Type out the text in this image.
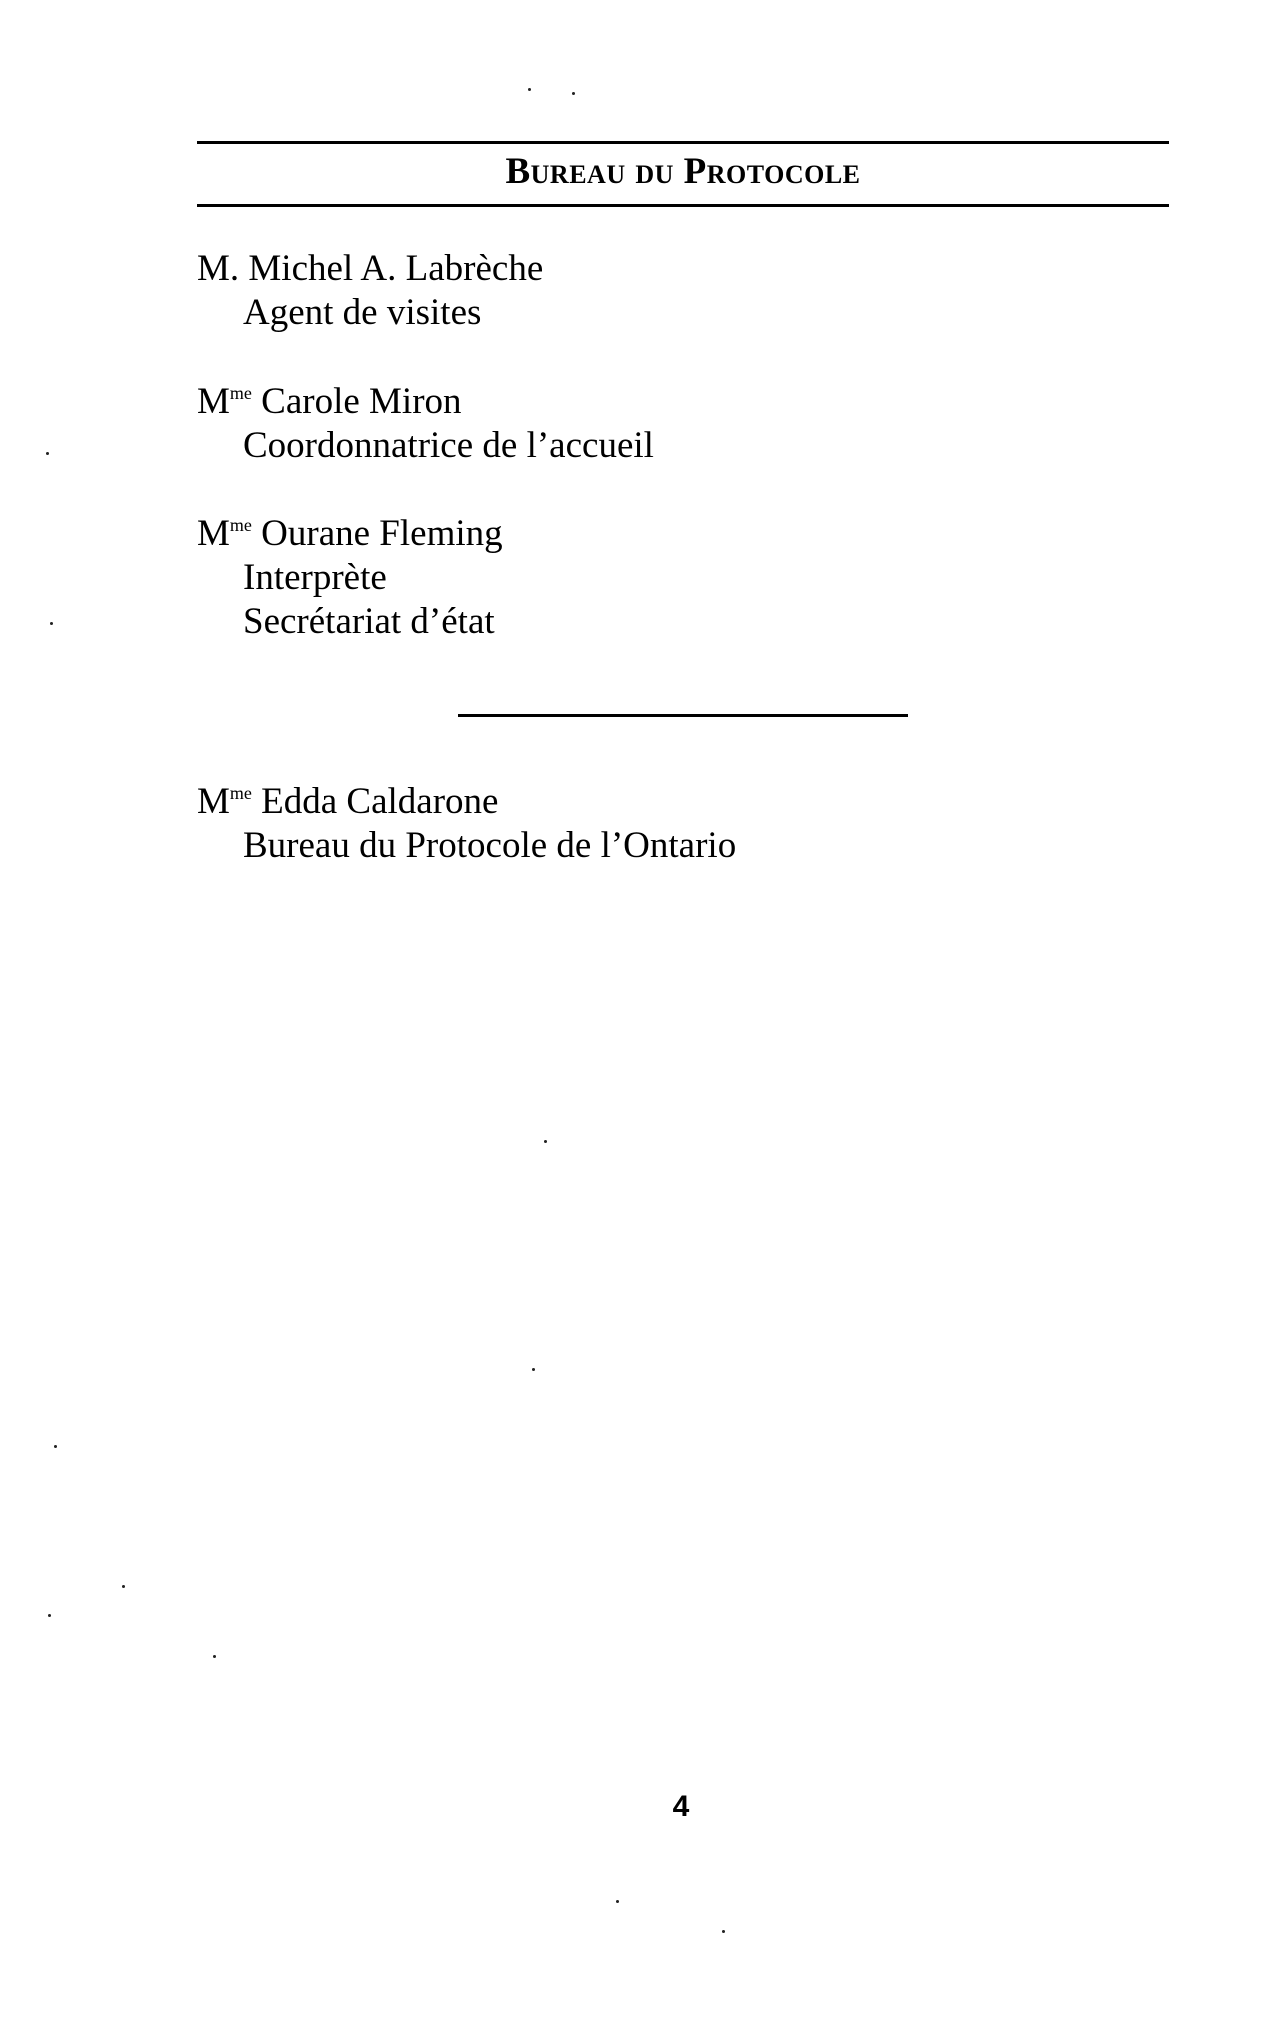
Bureau du Protocole
M. Michel A. Labrèche
Agent de visites
$M^{me}$ Carole Miron
Coordonnatrice de l’accueil
$M^{me}$ Ourane Fleming
Interprète
Secrétariat d’état
$M^{me}$ Edda Caldarone
Bureau du Protocole de l’Ontario
4
